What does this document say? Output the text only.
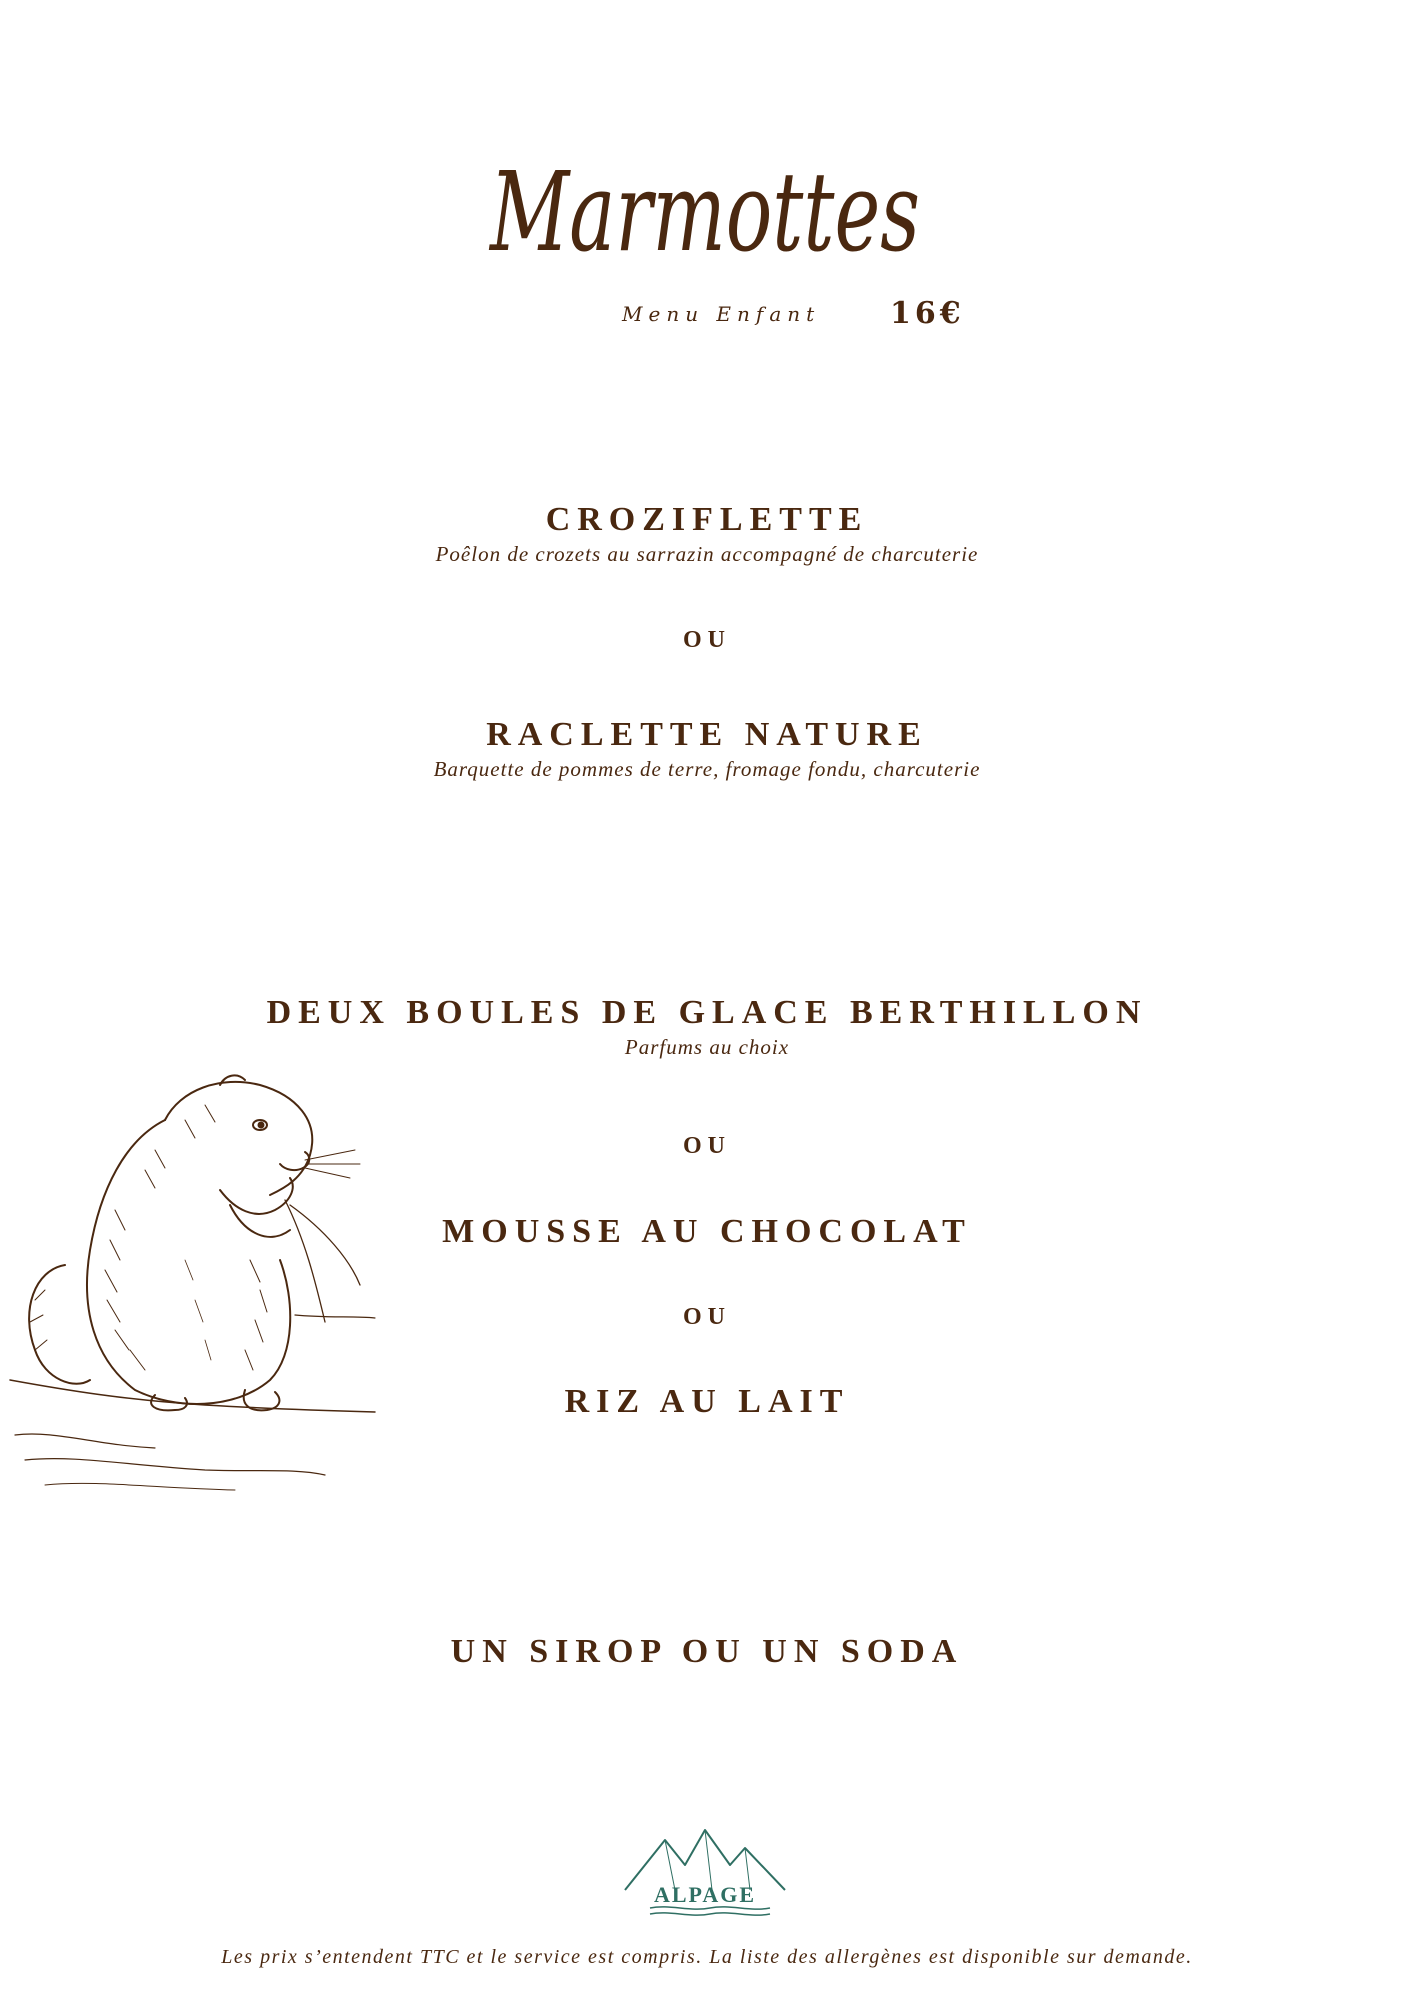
Marmottes
Menu Enfant 16€
CROZIFLETTE
Poêlon de crozets au sarrazin accompagné de charcuterie
OU
RACLETTE NATURE
Barquette de pommes de terre, fromage fondu, charcuterie
DEUX BOULES DE GLACE BERTHILLON
Parfums au choix
OU
MOUSSE AU CHOCOLAT
OU
RIZ AU LAIT
UN SIROP OU UN SODA
ALPAGE
Les prix s’entendent TTC et le service est compris. La liste des allergènes est disponible sur demande.
